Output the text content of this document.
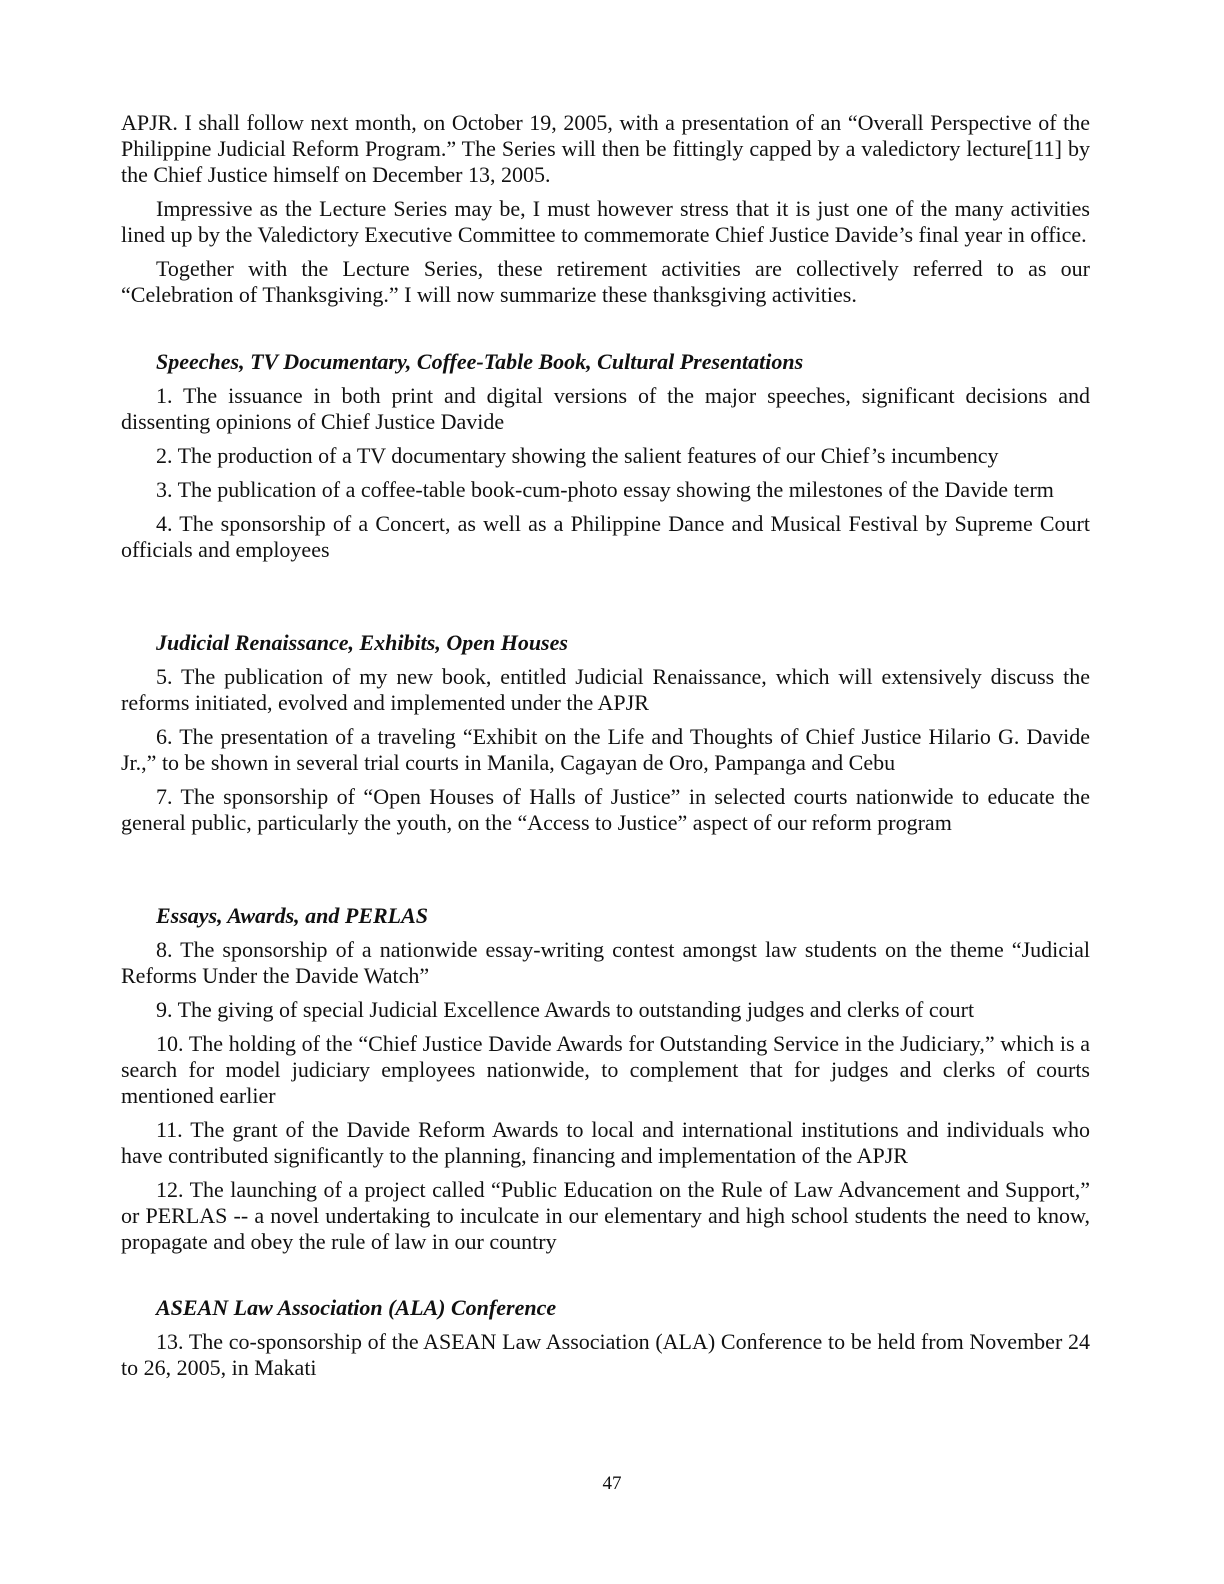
APJR. I shall follow next month, on October 19, 2005, with a presentation of an “Overall Perspective of the Philippine Judicial Reform Program.” The Series will then be fittingly capped by a valedictory lecture[11] by the Chief Justice himself on December 13, 2005.

Impressive as the Lecture Series may be, I must however stress that it is just one of the many activities lined up by the Valedictory Executive Committee to commemorate Chief Justice Davide’s final year in office.

Together with the Lecture Series, these retirement activities are collectively referred to as our “Celebration of Thanksgiving.” I will now summarize these thanksgiving activities.

Speeches, TV Documentary, Coffee-Table Book, Cultural Presentations

1. The issuance in both print and digital versions of the major speeches, significant decisions and dissenting opinions of Chief Justice Davide

2. The production of a TV documentary showing the salient features of our Chief’s incumbency

3. The publication of a coffee-table book-cum-photo essay showing the milestones of the Davide term

4. The sponsorship of a Concert, as well as a Philippine Dance and Musical Festival by Supreme Court officials and employees

Judicial Renaissance, Exhibits, Open Houses

5. The publication of my new book, entitled Judicial Renaissance, which will extensively discuss the reforms initiated, evolved and implemented under the APJR

6. The presentation of a traveling “Exhibit on the Life and Thoughts of Chief Justice Hilario G. Davide Jr.,” to be shown in several trial courts in Manila, Cagayan de Oro, Pampanga and Cebu

7. The sponsorship of “Open Houses of Halls of Justice” in selected courts nationwide to educate the general public, particularly the youth, on the “Access to Justice” aspect of our reform program

Essays, Awards, and PERLAS

8. The sponsorship of a nationwide essay-writing contest amongst law students on the theme “Judicial Reforms Under the Davide Watch”

9. The giving of special Judicial Excellence Awards to outstanding judges and clerks of court

10. The holding of the “Chief Justice Davide Awards for Outstanding Service in the Judiciary,” which is a search for model judiciary employees nationwide, to complement that for judges and clerks of courts mentioned earlier

11. The grant of the Davide Reform Awards to local and international institutions and individuals who have contributed significantly to the planning, financing and implementation of the APJR

12. The launching of a project called “Public Education on the Rule of Law Advancement and Support,” or PERLAS -- a novel undertaking to inculcate in our elementary and high school students the need to know, propagate and obey the rule of law in our country

ASEAN Law Association (ALA) Conference

13. The co-sponsorship of the ASEAN Law Association (ALA) Conference to be held from November 24 to 26, 2005, in Makati

47
